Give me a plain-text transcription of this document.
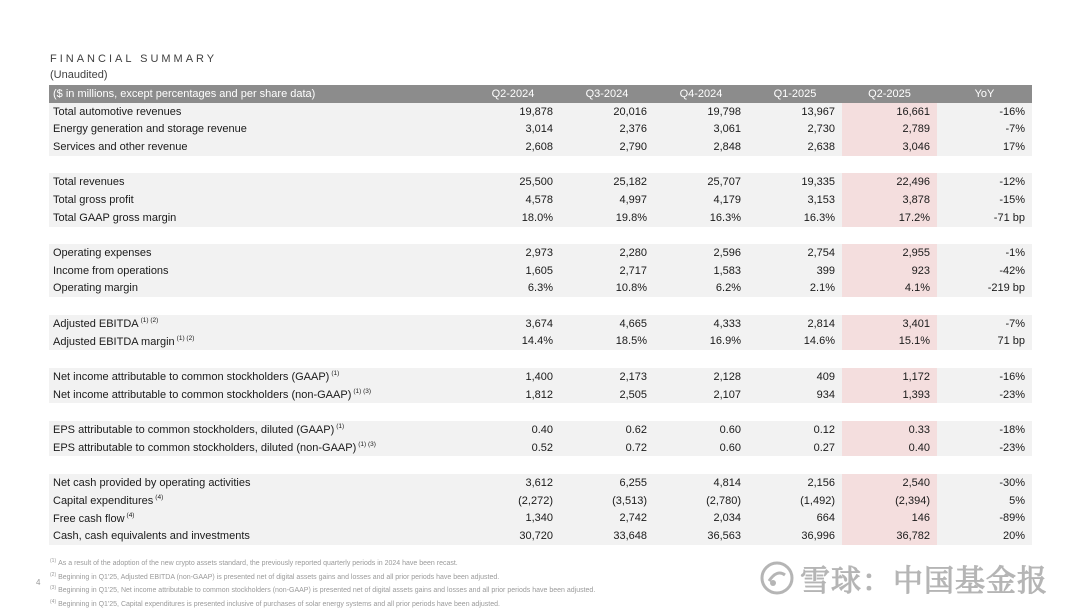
FINANCIAL SUMMARY
(Unaudited)
($ in millions, except percentages and per share data)	Q2-2024	Q3-2024	Q4-2024	Q1-2025	Q2-2025	YoY
Total automotive revenues	19,878	20,016	19,798	13,967	16,661	-16%
Energy generation and storage revenue	3,014	2,376	3,061	2,730	2,789	-7%
Services and other revenue	2,608	2,790	2,848	2,638	3,046	17%

Total revenues	25,500	25,182	25,707	19,335	22,496	-12%
Total gross profit	4,578	4,997	4,179	3,153	3,878	-15%
Total GAAP gross margin	18.0%	19.8%	16.3%	16.3%	17.2%	-71 bp

Operating expenses	2,973	2,280	2,596	2,754	2,955	-1%
Income from operations	1,605	2,717	1,583	399	923	-42%
Operating margin	6.3%	10.8%	6.2%	2.1%	4.1%	-219 bp

Adjusted EBITDA $^{(1) (2)}$	3,674	4,665	4,333	2,814	3,401	-7%
Adjusted EBITDA margin $^{(1) (2)}$	14.4%	18.5%	16.9%	14.6%	15.1%	71 bp

Net income attributable to common stockholders (GAAP) $^{(1)}$	1,400	2,173	2,128	409	1,172	-16%
Net income attributable to common stockholders (non-GAAP) $^{(1) (3)}$	1,812	2,505	2,107	934	1,393	-23%

EPS attributable to common stockholders, diluted (GAAP) $^{(1)}$	0.40	0.62	0.60	0.12	0.33	-18%
EPS attributable to common stockholders, diluted (non-GAAP) $^{(1) (3)}$	0.52	0.72	0.60	0.27	0.40	-23%

Net cash provided by operating activities	3,612	6,255	4,814	2,156	2,540	-30%
Capital expenditures $^{(4)}$	(2,272)	(3,513)	(2,780)	(1,492)	(2,394)	5%
Free cash flow $^{(4)}$	1,340	2,742	2,034	664	146	-89%
Cash, cash equivalents and investments	30,720	33,648	36,563	36,996	36,782	20%
4
$^{(1)}$ As a result of the adoption of the new crypto assets standard, the previously reported quarterly periods in 2024 have been recast.
$^{(2)}$ Beginning in Q1'25, Adjusted EBITDA (non-GAAP) is presented net of digital assets gains and losses and all prior periods have been adjusted.
$^{(3)}$ Beginning in Q1'25, Net income attributable to common stockholders (non-GAAP) is presented net of digital assets gains and losses and all prior periods have been adjusted.
$^{(4)}$ Beginning in Q1'25, Capital expenditures is presented inclusive of purchases of solar energy systems and all prior periods have been adjusted.
雪球：中国基金报
